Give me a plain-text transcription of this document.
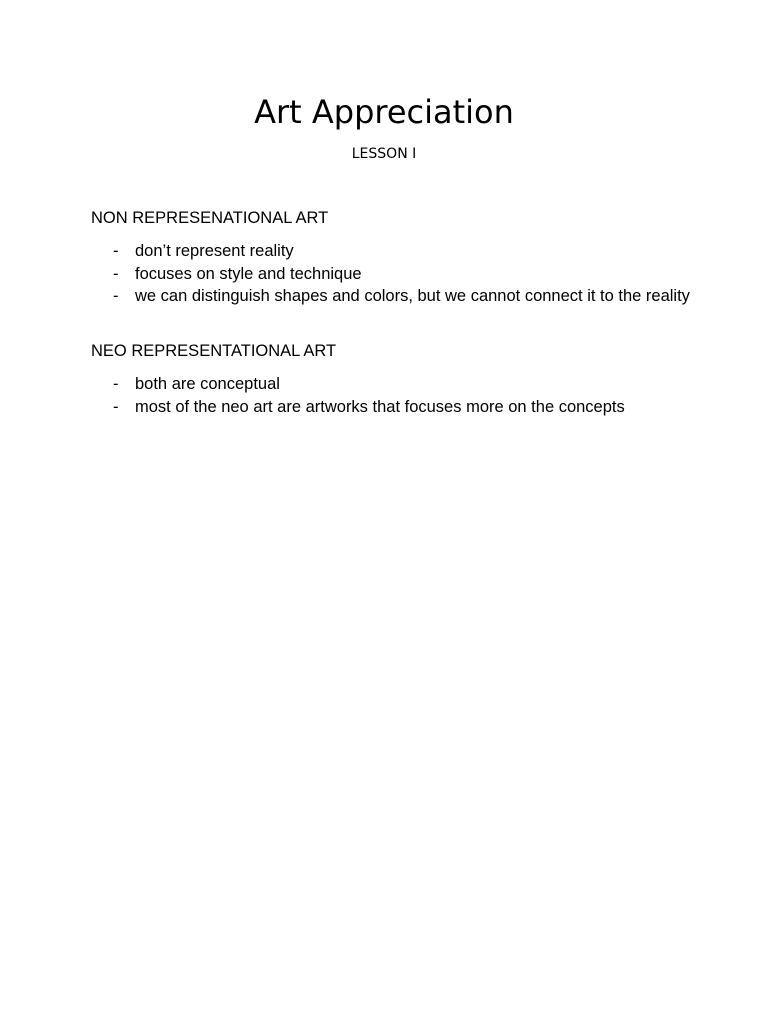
Art Appreciation

LESSON I

NON REPRESENATIONAL ART
- don’t represent reality
- focuses on style and technique
- we can distinguish shapes and colors, but we cannot connect it to the reality
NEO REPRESENTATIONAL ART
- both are conceptual
- most of the neo art are artworks that focuses more on the concepts
